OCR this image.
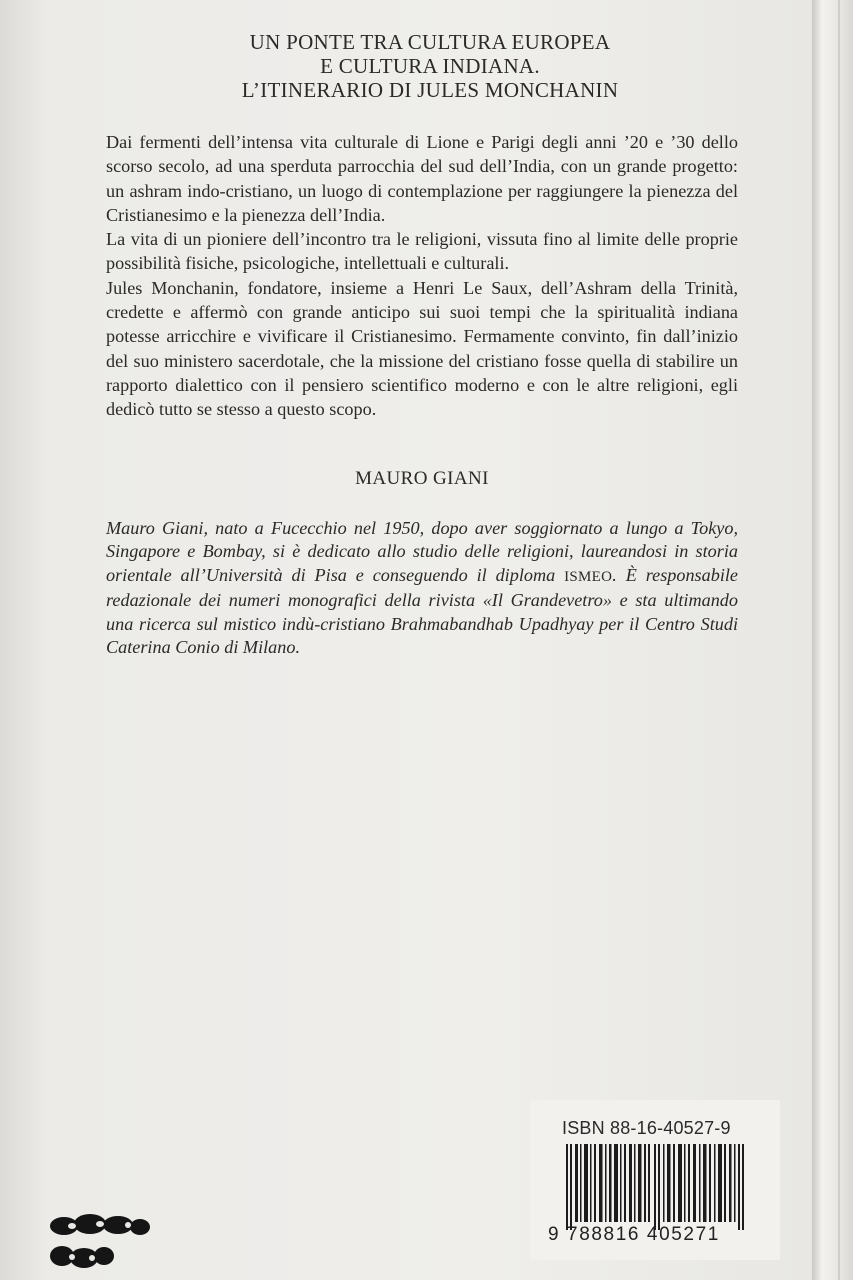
UN PONTE TRA CULTURA EUROPEA
E CULTURA INDIANA.
L’ITINERARIO DI JULES MONCHANIN

Dai fermenti dell’intensa vita culturale di Lione e Parigi degli anni ’20 e ’30 dello scorso secolo, ad una sperduta parrocchia del sud dell’India, con un grande progetto: un ashram indo-cristiano, un luogo di contemplazione per raggiungere la pienezza del Cristianesimo e la pienezza dell’India.

La vita di un pioniere dell’incontro tra le religioni, vissuta fino al limite delle proprie possibilità fisiche, psicologiche, intellettuali e culturali.

Jules Monchanin, fondatore, insieme a Henri Le Saux, dell’Ashram della Trinità, credette e affermò con grande anticipo sui suoi tempi che la spiritualità indiana potesse arricchire e vivificare il Cristianesimo. Fermamente convinto, fin dall’inizio del suo ministero sacerdotale, che la missione del cristiano fosse quella di stabilire un rapporto dialettico con il pensiero scientifico moderno e con le altre religioni, egli dedicò tutto se stesso a questo scopo.

MAURO GIANI

Mauro Giani, nato a Fucecchio nel 1950, dopo aver soggiornato a lungo a Tokyo, Singapore e Bombay, si è dedicato allo studio delle religioni, laureandosi in storia orientale all’Università di Pisa e conseguendo il diploma ISMEO. È responsabile redazionale dei numeri monografici della rivista «Il Grandevetro» e sta ultimando una ricerca sul mistico indù-cristiano Brahmabandhab Upadhyay per il Centro Studi Caterina Conio di Milano.

ISBN 88-16-40527-9
9 788816 405271
